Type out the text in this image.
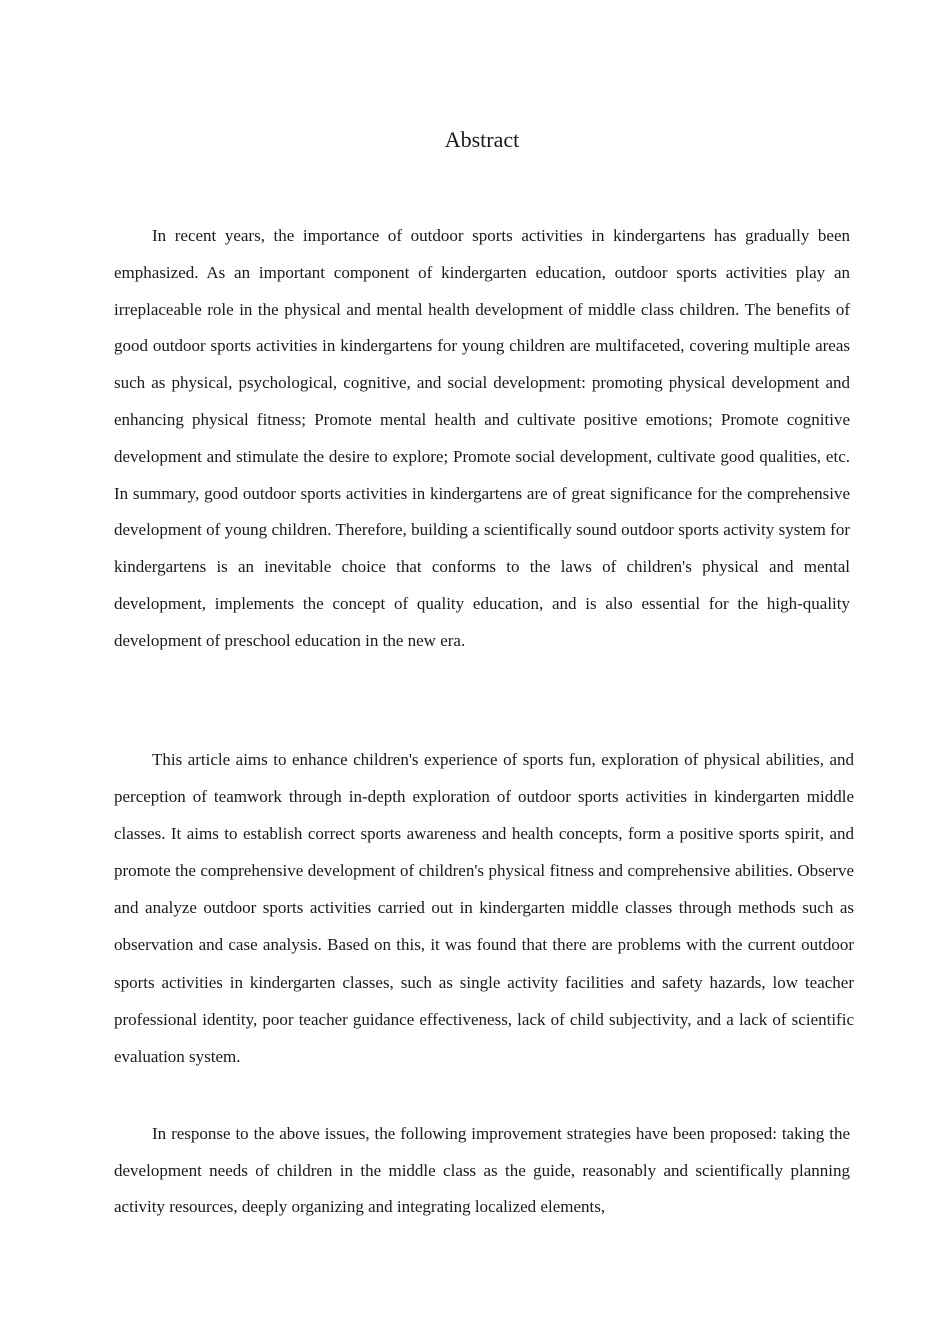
Abstract

In recent years, the importance of outdoor sports activities in kindergartens has gradually been emphasized. As an important component of kindergarten education, outdoor sports activities play an irreplaceable role in the physical and mental health development of middle class children. The benefits of good outdoor sports activities in kindergartens for young children are multifaceted, covering multiple areas such as physical, psychological, cognitive, and social development: promoting physical development and enhancing physical fitness; Promote mental health and cultivate positive emotions; Promote cognitive development and stimulate the desire to explore; Promote social development, cultivate good qualities, etc. In summary, good outdoor sports activities in kindergartens are of great significance for the comprehensive development of young children. Therefore, building a scientifically sound outdoor sports activity system for kindergartens is an inevitable choice that conforms to the laws of children's physical and mental development, implements the concept of quality education, and is also essential for the high-quality development of preschool education in the new era.

This article aims to enhance children's experience of sports fun, exploration of physical abilities, and perception of teamwork through in-depth exploration of outdoor sports activities in kindergarten middle classes. It aims to establish correct sports awareness and health concepts, form a positive sports spirit, and promote the comprehensive development of children's physical fitness and comprehensive abilities. Observe and analyze outdoor sports activities carried out in kindergarten middle classes through methods such as observation and case analysis. Based on this, it was found that there are problems with the current outdoor sports activities in kindergarten classes, such as single activity facilities and safety hazards, low teacher professional identity, poor teacher guidance effectiveness, lack of child subjectivity, and a lack of scientific evaluation system.

In response to the above issues, the following improvement strategies have been proposed: taking the development needs of children in the middle class as the guide, reasonably and scientifically planning activity resources, deeply organizing and integrating localized elements,
